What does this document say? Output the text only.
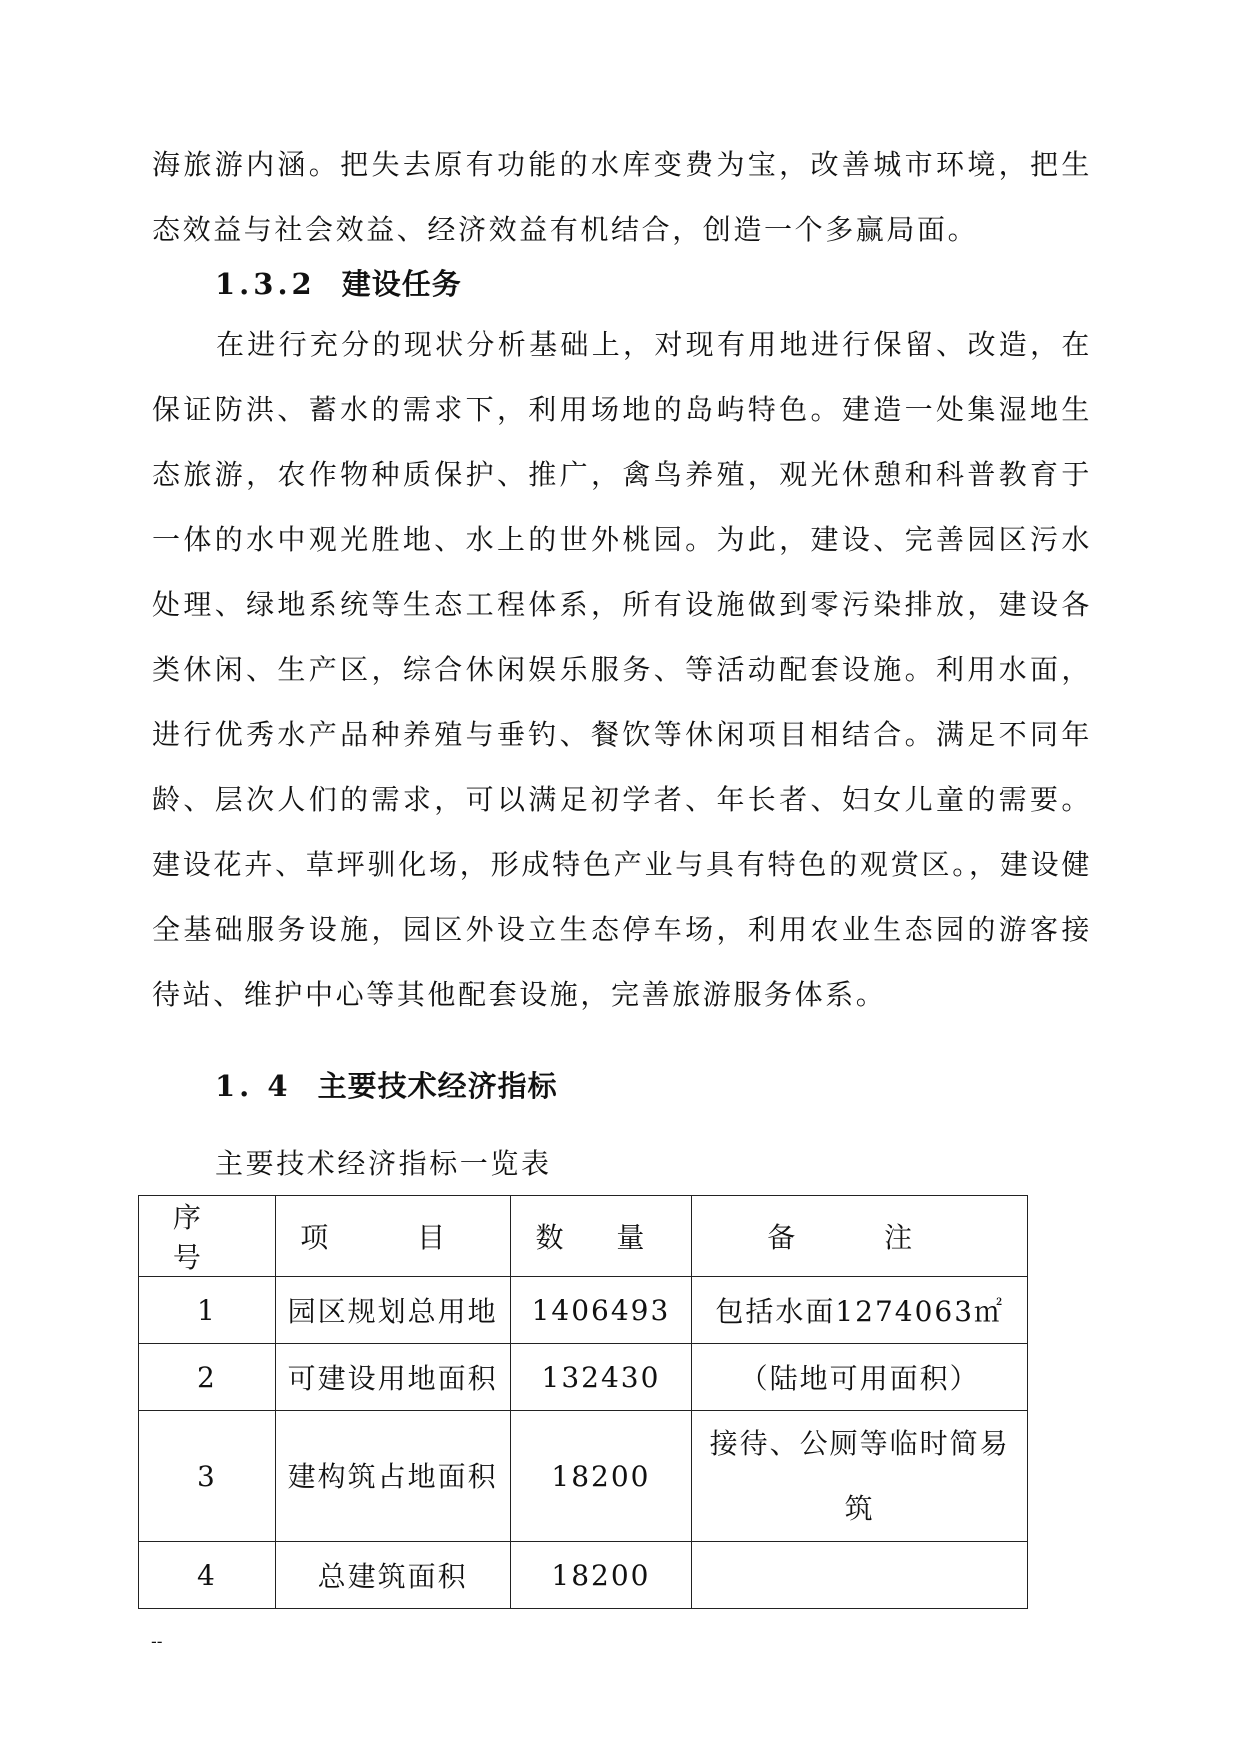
海旅游内涵。把失去原有功能的水库变费为宝，改善城市环境，把生态效益与社会效益、经济效益有机结合，创造一个多赢局面。

1.3.2 建设任务

在进行充分的现状分析基础上，对现有用地进行保留、改造，在保证防洪、蓄水的需求下，利用场地的岛屿特色。建造一处集湿地生态旅游，农作物种质保护、推广，禽鸟养殖，观光休憩和科普教育于一体的水中观光胜地、水上的世外桃园。为此，建设、完善园区污水处理、绿地系统等生态工程体系，所有设施做到零污染排放，建设各类休闲、生产区，综合休闲娱乐服务、等活动配套设施。利用水面，进行优秀水产品种养殖与垂钓、餐饮等休闲项目相结合。满足不同年龄、层次人们的需求，可以满足初学者、年长者、妇女儿童的需要。建设花卉、草坪驯化场，形成特色产业与具有特色的观赏区。，建设健全基础服务设施，园区外设立生态停车场，利用农业生态园的游客接待站、维护中心等其他配套设施，完善旅游服务体系。

1. 4 主要技术经济指标

主要技术经济指标一览表

序 号	项 目	数 量	备 注
1	园区规划总用地	1406493	包括水面1274063㎡
2	可建设用地面积	132430	（陆地可用面积）
3	建构筑占地面积	18200	接待、公厕等临时简易筑
4	总建筑面积	18200	
--
